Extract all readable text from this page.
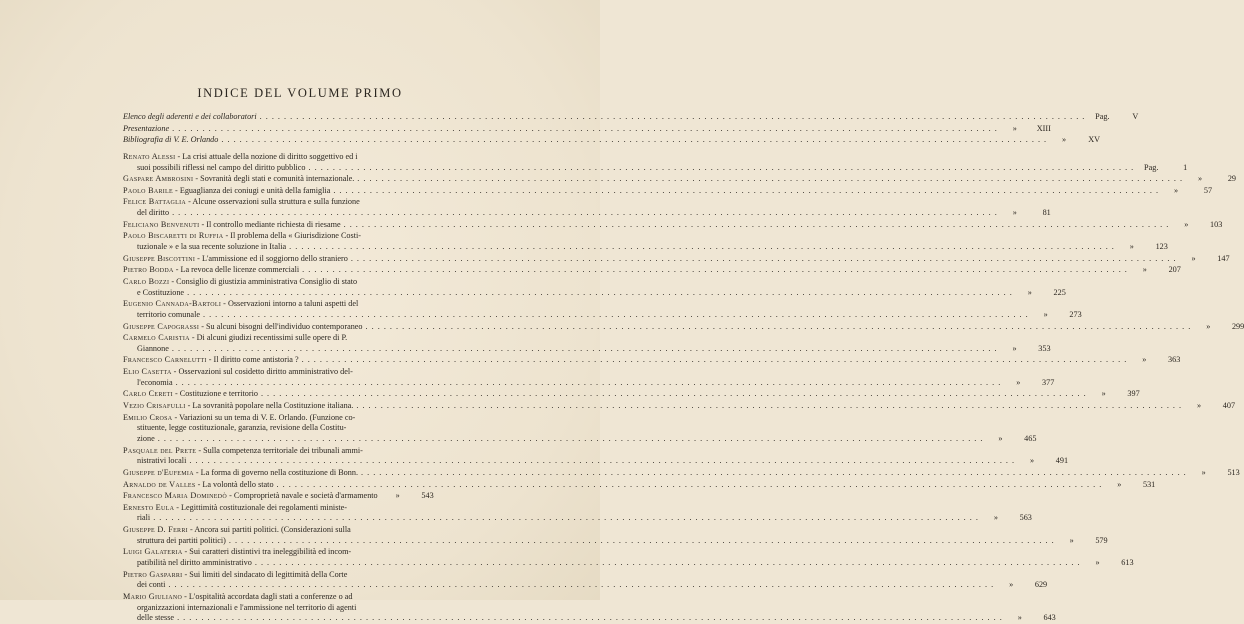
INDICE DEL VOLUME PRIMO
Elenco degli aderenti e dei collaboratori . . .	Pag.	V
Presentazione . . .	»	XIII
Bibliografia di V. E. Orlando . . .	»	XV
Renato Alessi - La crisi attuale della nozione di diritto soggettivo ed i
suoi possibili riflessi nel campo del diritto pubblico . . .	Pag.	1
Gaspare Ambrosini - Sovranità degli stati e comunità internazionale. . . .	»	29
Paolo Barile - Eguaglianza dei coniugi e unità della famiglia . . .	»	57
Felice Battaglia - Alcune osservazioni sulla struttura e sulla funzione
del diritto . . .	»	81
Feliciano Benvenuti - Il controllo mediante richiesta di riesame . . .	»	103
Paolo Biscaretti di Ruffia - Il problema della « Giurisdizione Costi-
tuzionale » e la sua recente soluzione in Italia . . .	»	123
Giuseppe Biscottini - L'ammissione ed il soggiorno dello straniero . . .	»	147
Pietro Bodda - La revoca delle licenze commerciali . . .	»	207
Carlo Bozzi - Consiglio di giustizia amministrativa Consiglio di stato
e Costituzione . . .	»	225
Eugenio Cannada-Bartoli - Osservazioni intorno a taluni aspetti del
territorio comunale . . .	»	273
Giuseppe Capograssi - Su alcuni bisogni dell'individuo contemporaneo . . .	»	299
Carmelo Caristia - Di alcuni giudizi recentissimi sulle opere di P.
Giannone . . .	»	353
Francesco Carnelutti - Il diritto come antistoria ? . . .	»	363
Elio Casetta - Osservazioni sul cosidetto diritto amministrativo del-
l'economia . . .	»	377
Carlo Cereti - Costituzione e territorio . . .	»	397
Vezio Crisafulli - La sovranità popolare nella Costituzione italiana. . . .	»	407
Emilio Crosa - Variazioni su un tema di V. E. Orlando. (Funzione co-
stituente, legge costituzionale, garanzia, revisione della Costitu-
zione . . .	»	465
Pasquale del Prete - Sulla competenza territoriale dei tribunali ammi-
nistrativi locali . . .	»	491
Giuseppe d'Eufemia - La forma di governo nella costituzione di Bonn. . . .	»	513
Arnaldo de Valles - La volontà dello stato . . .	»	531
Francesco Maria Dominedò - Comproprietà navale e società d'armamento	»	543
Ernesto Eula - Legittimità costituzionale dei regolamenti ministe-
riali . . .	»	563
Giuseppe D. Ferri - Ancora sui partiti politici. (Considerazioni sulla
struttura dei partiti politici) . . .	»	579
Luigi Galateria - Sui caratteri distintivi tra ineleggibilità ed incom-
patibilità nel diritto amministrativo . . .	»	613
Pietro Gasparri - Sui limiti del sindacato di legittimità della Corte
dei conti . . .	»	629
Mario Giuliano - L'ospitalità accordata dagli stati a conferenze o ad
organizzazioni internazionali e l'ammissione nel territorio di agenti
delle stesse . . .	»	643
